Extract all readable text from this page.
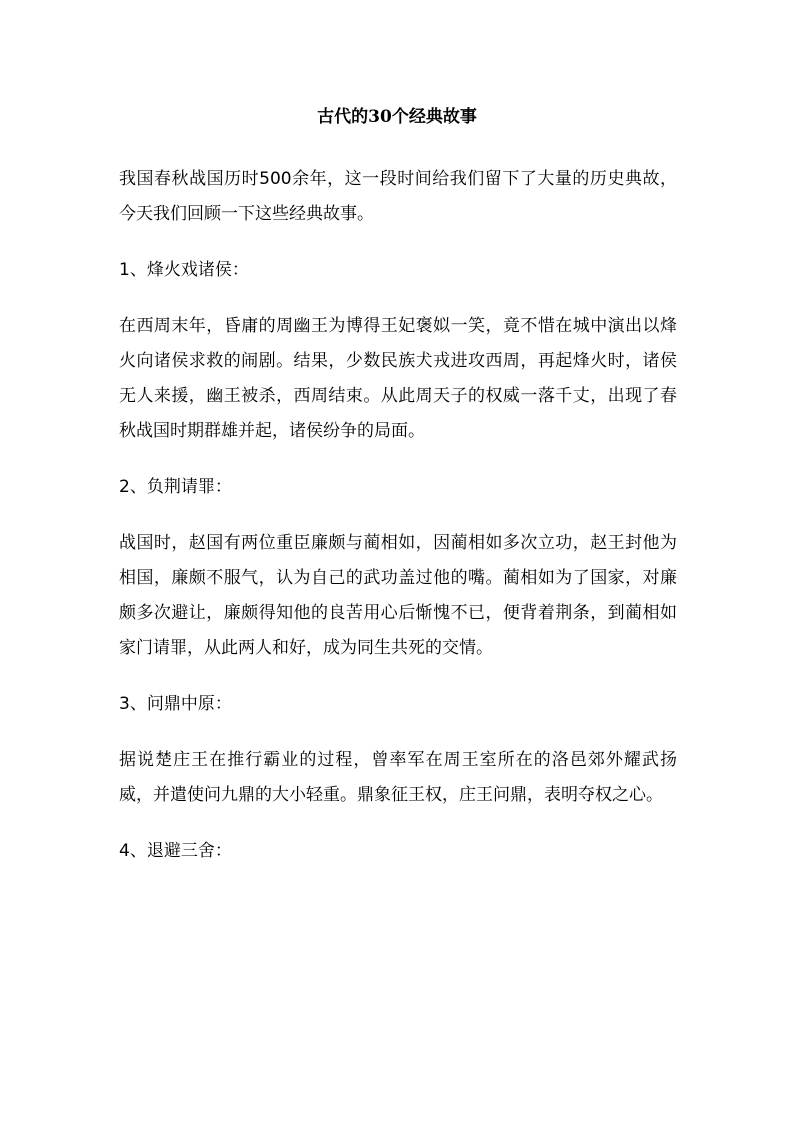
古代的30个经典故事

我国春秋战国历时500余年，这一段时间给我们留下了大量的历史典故，今天我们回顾一下这些经典故事。

1、烽火戏诸侯：

在西周末年，昏庸的周幽王为博得王妃褒姒一笑，竟不惜在城中演出以烽火向诸侯求救的闹剧。结果，少数民族犬戎进攻西周，再起烽火时，诸侯无人来援，幽王被杀，西周结束。从此周天子的权威一落千丈，出现了春秋战国时期群雄并起，诸侯纷争的局面。

2、负荆请罪：

战国时，赵国有两位重臣廉颇与蔺相如，因蔺相如多次立功，赵王封他为相国，廉颇不服气，认为自己的武功盖过他的嘴。蔺相如为了国家，对廉颇多次避让，廉颇得知他的良苦用心后惭愧不已，便背着荆条，到蔺相如家门请罪，从此两人和好，成为同生共死的交情。

3、问鼎中原：

据说楚庄王在推行霸业的过程，曾率军在周王室所在的洛邑郊外耀武扬威，并遣使问九鼎的大小轻重。鼎象征王权，庄王问鼎，表明夺权之心。

4、退避三舍：
